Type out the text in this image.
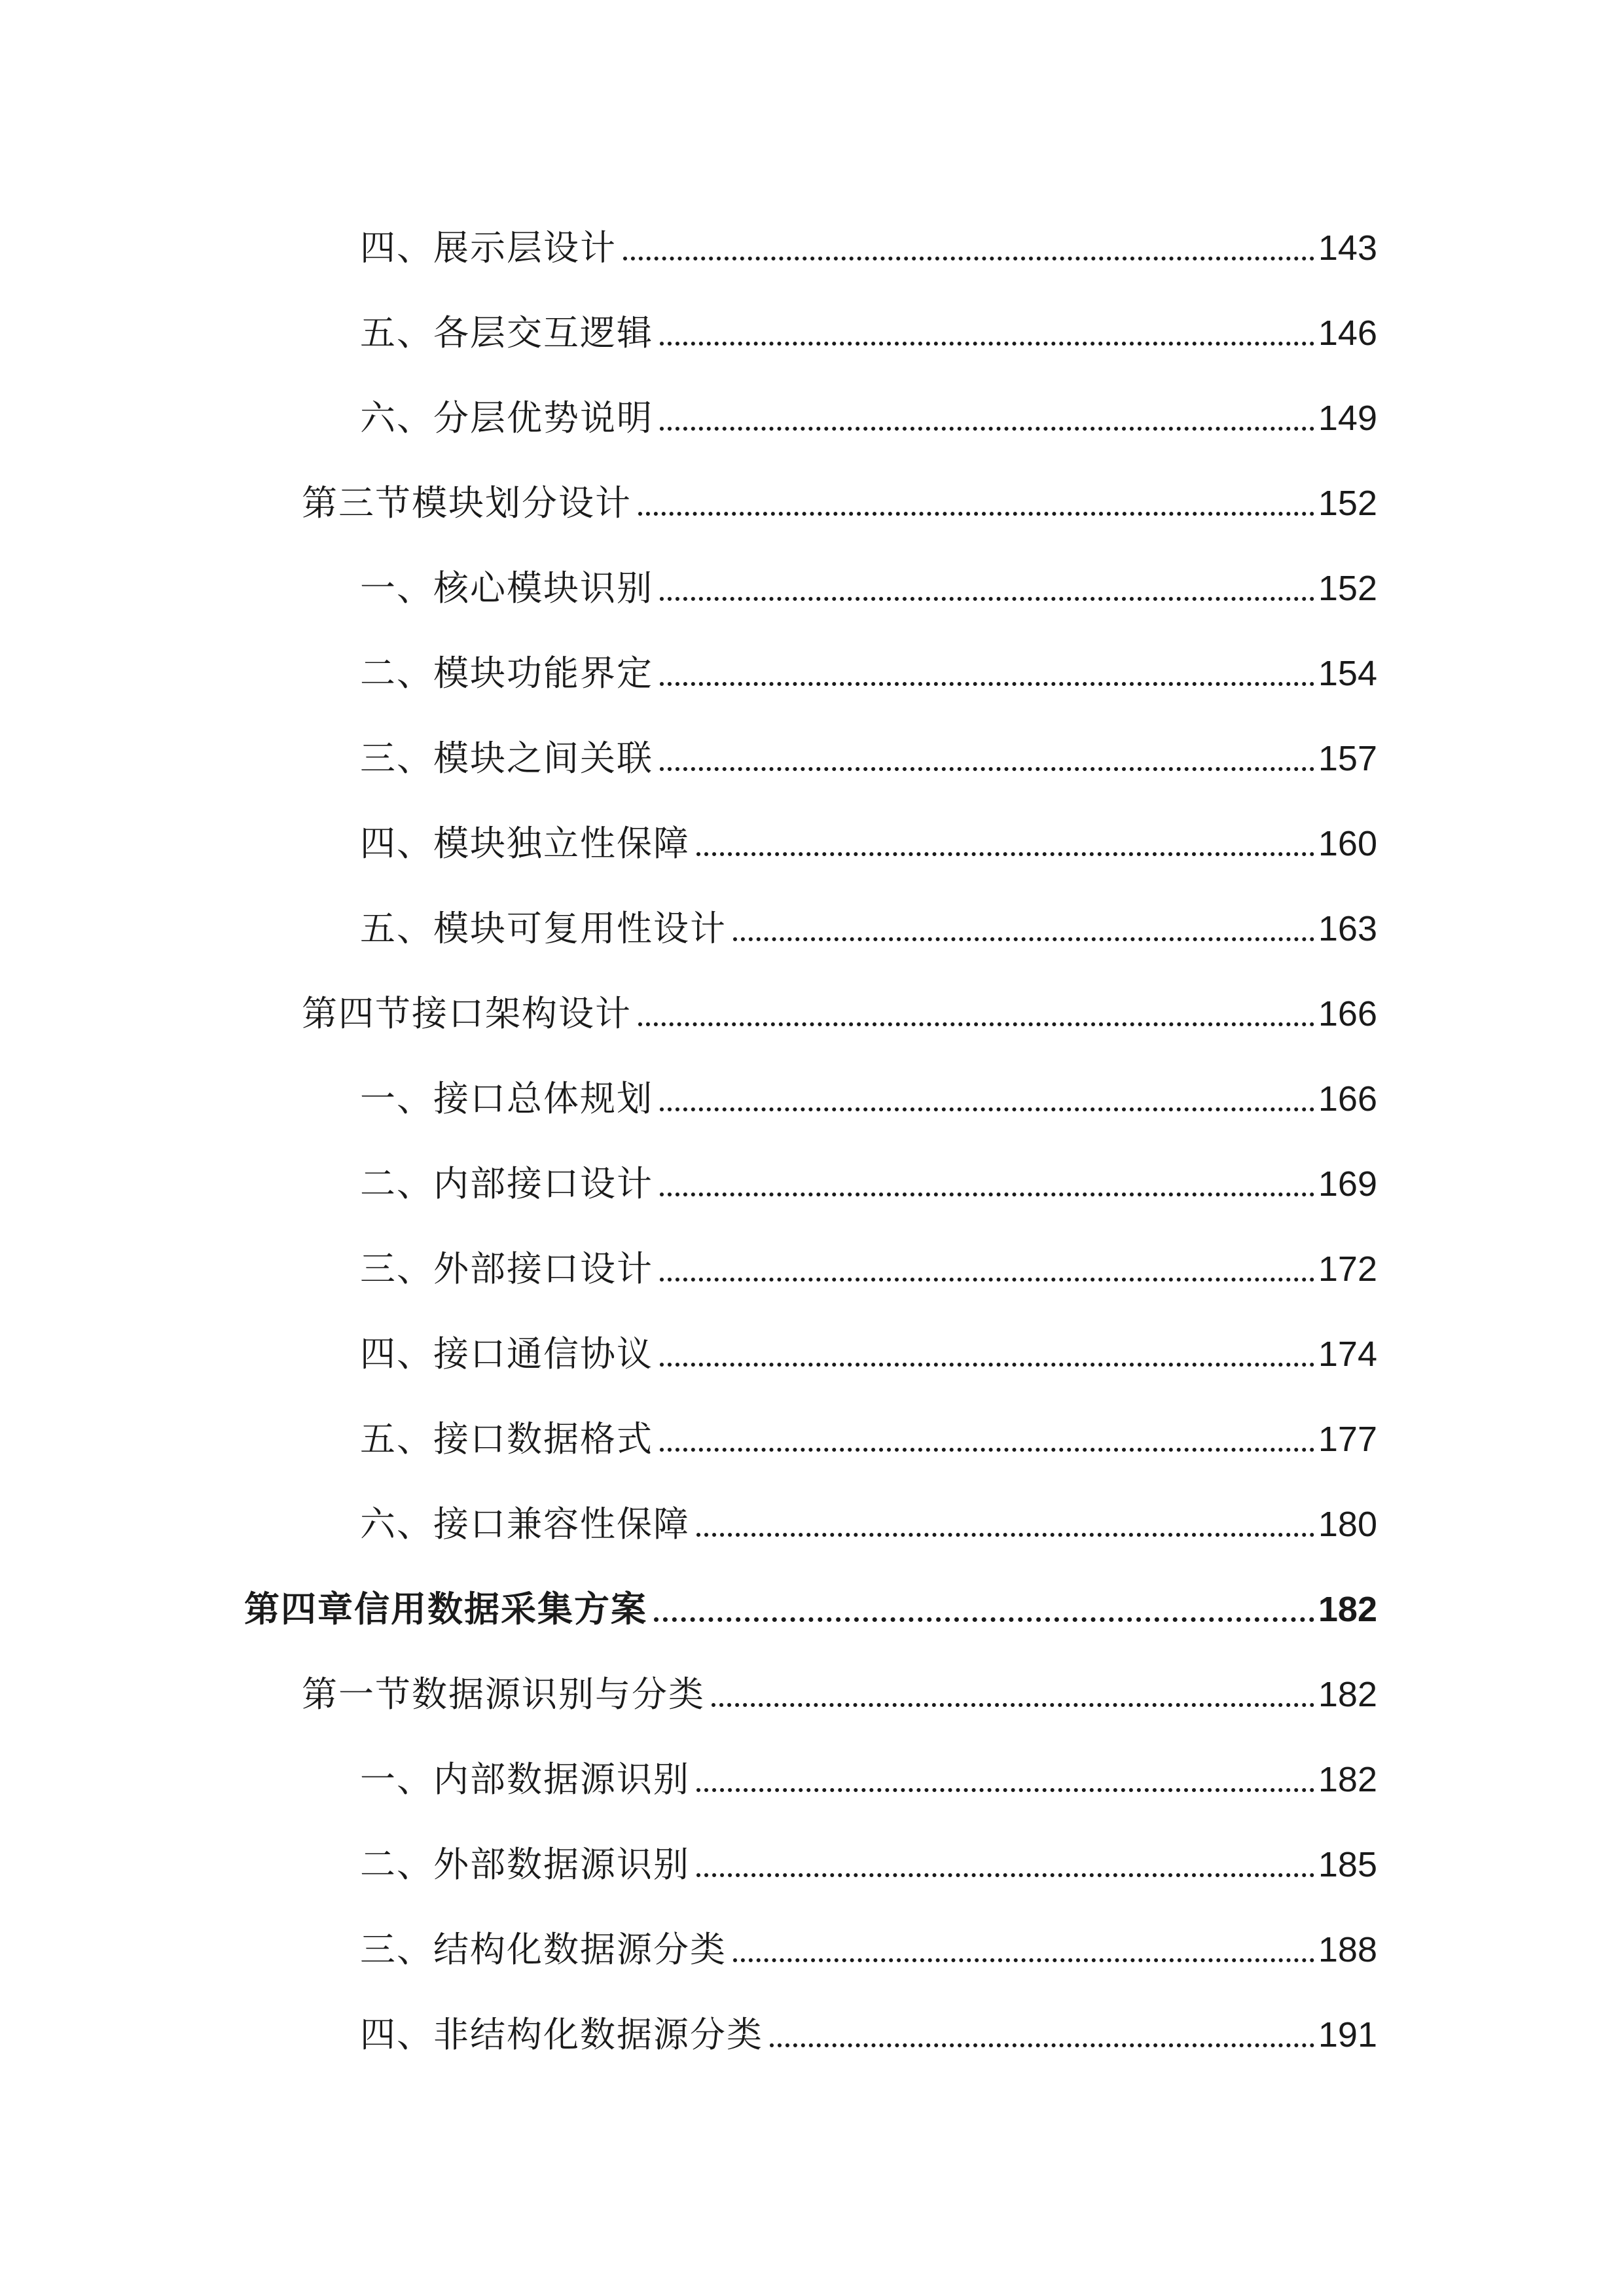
四、展示层设计	143
五、各层交互逻辑	146
六、分层优势说明	149
第三节模块划分设计	152
一、核心模块识别	152
二、模块功能界定	154
三、模块之间关联	157
四、模块独立性保障	160
五、模块可复用性设计	163
第四节接口架构设计	166
一、接口总体规划	166
二、内部接口设计	169
三、外部接口设计	172
四、接口通信协议	174
五、接口数据格式	177
六、接口兼容性保障	180
第四章信用数据采集方案	182
第一节数据源识别与分类	182
一、内部数据源识别	182
二、外部数据源识别	185
三、结构化数据源分类	188
四、非结构化数据源分类	191
